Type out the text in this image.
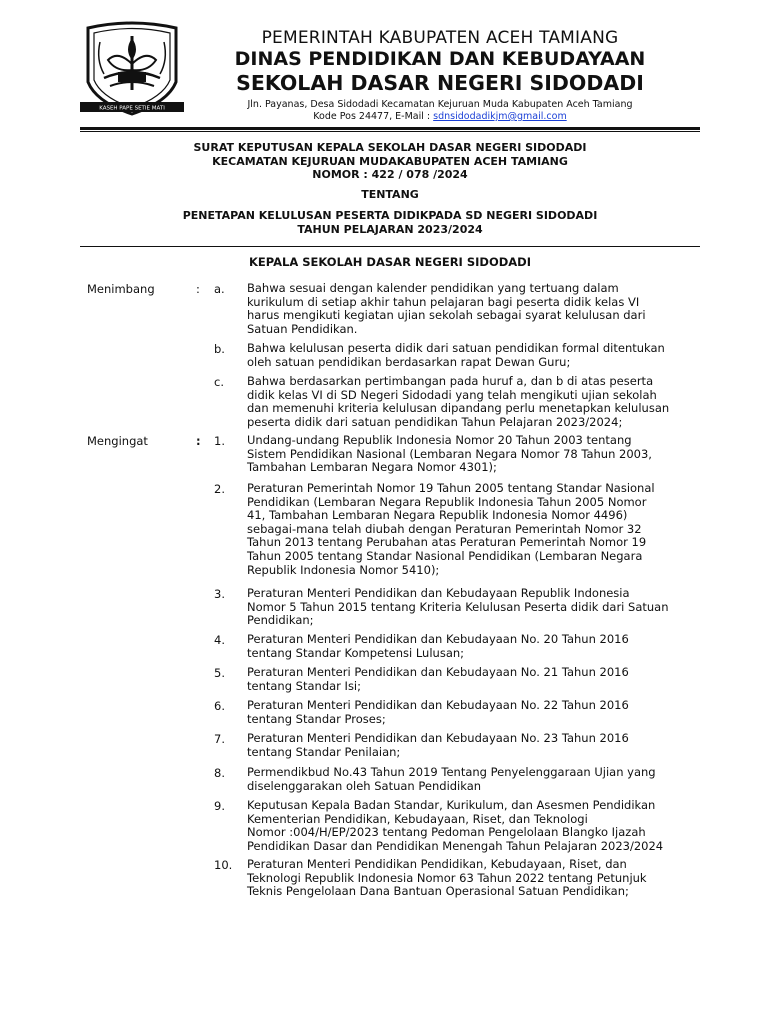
KASEH PAPE SETIE MATI
PEMERINTAH KABUPATEN ACEH TAMIANG
DINAS PENDIDIKAN DAN KEBUDAYAAN
SEKOLAH DASAR NEGERI SIDODADI
Jln. Payanas, Desa Sidodadi Kecamatan Kejuruan Muda Kabupaten Aceh Tamiang
Kode Pos 24477, E-Mail : sdnsidodadikjm@gmail.com
SURAT KEPUTUSAN KEPALA SEKOLAH DASAR NEGERI SIDODADI
KECAMATAN KEJURUAN MUDAKABUPATEN ACEH TAMIANG
NOMOR : 422 / 078 /2024
TENTANG
PENETAPAN KELULUSAN PESERTA DIDIKPADA SD NEGERI SIDODADI
TAHUN PELAJARAN 2023/2024
KEPALA SEKOLAH DASAR NEGERI SIDODADI
Menimbang	: a. Bahwa sesuai dengan kalender pendidikan yang tertuang dalam
kurikulum di setiap akhir tahun pelajaran bagi peserta didik kelas VI
harus mengikuti kegiatan ujian sekolah sebagai syarat kelulusan dari
Satuan Pendidikan.
b. Bahwa kelulusan peserta didik dari satuan pendidikan formal ditentukan
oleh satuan pendidikan berdasarkan rapat Dewan Guru;
c. Bahwa berdasarkan pertimbangan pada huruf a, dan b di atas peserta
didik kelas VI di SD Negeri Sidodadi yang telah mengikuti ujian sekolah
dan memenuhi kriteria kelulusan dipandang perlu menetapkan kelulusan
peserta didik dari satuan pendidikan Tahun Pelajaran 2023/2024;
Mengingat	: 1. Undang-undang Republik Indonesia Nomor 20 Tahun 2003 tentang
Sistem Pendidikan Nasional (Lembaran Negara Nomor 78 Tahun 2003,
Tambahan Lembaran Negara Nomor 4301);
2. Peraturan Pemerintah Nomor 19 Tahun 2005 tentang Standar Nasional
Pendidikan (Lembaran Negara Republik Indonesia Tahun 2005 Nomor
41, Tambahan Lembaran Negara Republik Indonesia Nomor 4496)
sebagai-mana telah diubah dengan Peraturan Pemerintah Nomor 32
Tahun 2013 tentang Perubahan atas Peraturan Pemerintah Nomor 19
Tahun 2005 tentang Standar Nasional Pendidikan (Lembaran Negara
Republik Indonesia Nomor 5410);
3. Peraturan Menteri Pendidikan dan Kebudayaan Republik Indonesia
Nomor 5 Tahun 2015 tentang Kriteria Kelulusan Peserta didik dari Satuan
Pendidikan;
4. Peraturan Menteri Pendidikan dan Kebudayaan No. 20 Tahun 2016
tentang Standar Kompetensi Lulusan;
5. Peraturan Menteri Pendidikan dan Kebudayaan No. 21 Tahun 2016
tentang Standar Isi;
6. Peraturan Menteri Pendidikan dan Kebudayaan No. 22 Tahun 2016
tentang Standar Proses;
7. Peraturan Menteri Pendidikan dan Kebudayaan No. 23 Tahun 2016
tentang Standar Penilaian;
8. Permendikbud No.43 Tahun 2019 Tentang Penyelenggaraan Ujian yang
diselenggarakan oleh Satuan Pendidikan
9. Keputusan Kepala Badan Standar, Kurikulum, dan Asesmen Pendidikan
Kementerian Pendidikan, Kebudayaan, Riset, dan Teknologi
Nomor :004/H/EP/2023 tentang Pedoman Pengelolaan Blangko Ijazah
Pendidikan Dasar dan Pendidikan Menengah Tahun Pelajaran 2023/2024
10.	Peraturan Menteri Pendidikan Pendidikan, Kebudayaan, Riset, dan
Teknologi Republik Indonesia Nomor 63 Tahun 2022 tentang Petunjuk
Teknis Pengelolaan Dana Bantuan Operasional Satuan Pendidikan;
